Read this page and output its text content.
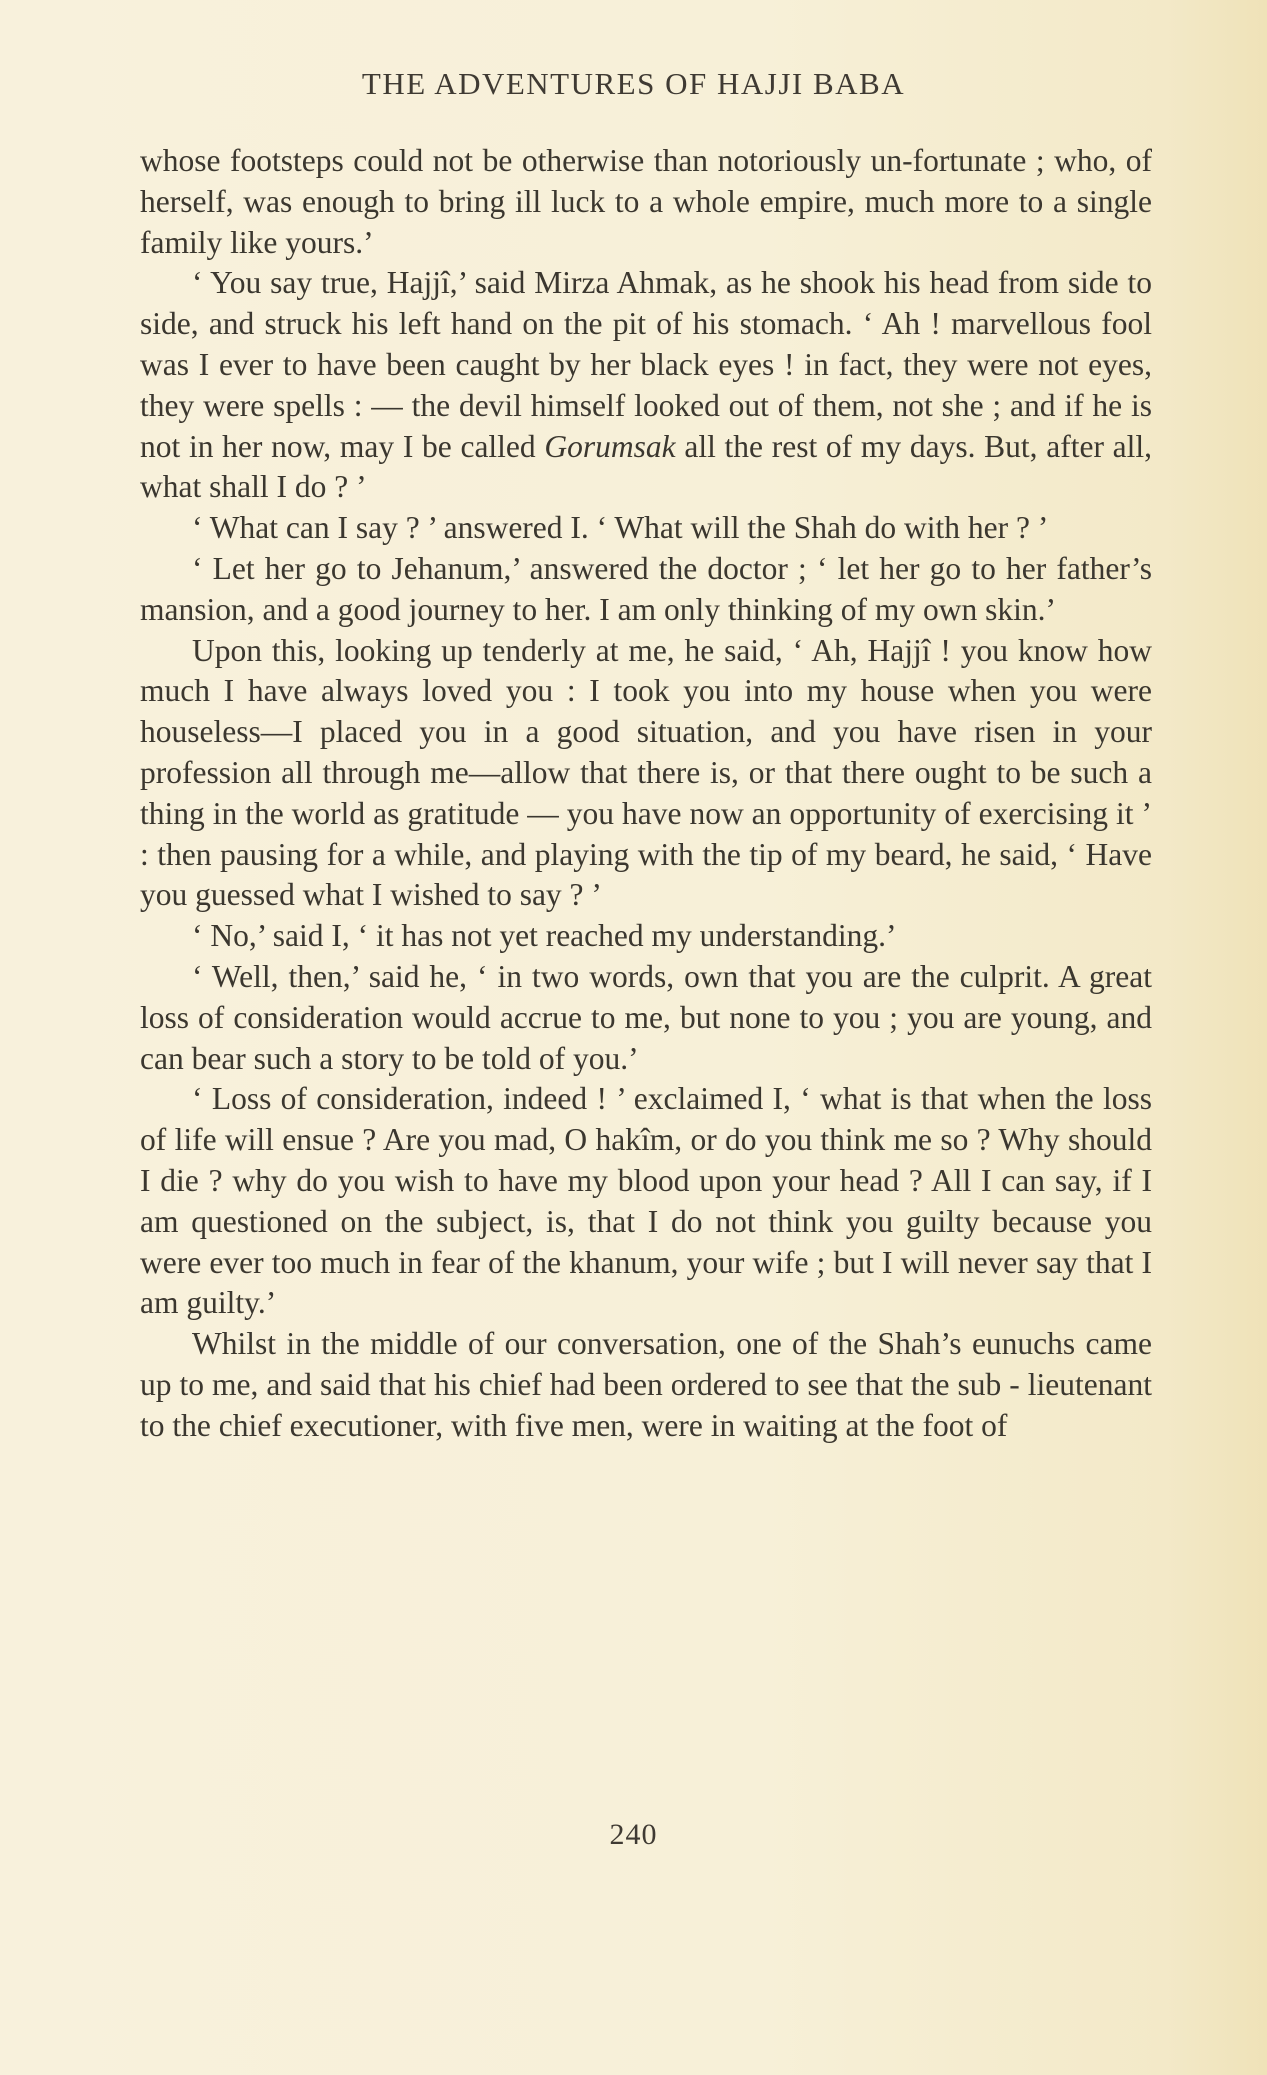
THE ADVENTURES OF HAJJI BABA

whose footsteps could not be otherwise than notoriously un-fortunate ; who, of herself, was enough to bring ill luck to a whole empire, much more to a single family like yours.’

‘ You say true, Hajjî,’ said Mirza Ahmak, as he shook his head from side to side, and struck his left hand on the pit of his stomach. ‘ Ah ! marvellous fool was I ever to have been caught by her black eyes ! in fact, they were not eyes, they were spells : — the devil himself looked out of them, not she ; and if he is not in her now, may I be called Gorumsak all the rest of my days. But, after all, what shall I do ? ’

‘ What can I say ? ’ answered I. ‘ What will the Shah do with her ? ’

‘ Let her go to Jehanum,’ answered the doctor ; ‘ let her go to her father’s mansion, and a good journey to her. I am only thinking of my own skin.’

Upon this, looking up tenderly at me, he said, ‘ Ah, Hajjî ! you know how much I have always loved you : I took you into my house when you were houseless—I placed you in a good situation, and you have risen in your profession all through me—allow that there is, or that there ought to be such a thing in the world as gratitude — you have now an opportunity of exercising it ’ : then pausing for a while, and playing with the tip of my beard, he said, ‘ Have you guessed what I wished to say ? ’

‘ No,’ said I, ‘ it has not yet reached my understanding.’

‘ Well, then,’ said he, ‘ in two words, own that you are the culprit. A great loss of consideration would accrue to me, but none to you ; you are young, and can bear such a story to be told of you.’

‘ Loss of consideration, indeed ! ’ exclaimed I, ‘ what is that when the loss of life will ensue ? Are you mad, O hakîm, or do you think me so ? Why should I die ? why do you wish to have my blood upon your head ? All I can say, if I am questioned on the subject, is, that I do not think you guilty because you were ever too much in fear of the khanum, your wife ; but I will never say that I am guilty.’

Whilst in the middle of our conversation, one of the Shah’s eunuchs came up to me, and said that his chief had been ordered to see that the sub - lieutenant to the chief executioner, with five men, were in waiting at the foot of

240
